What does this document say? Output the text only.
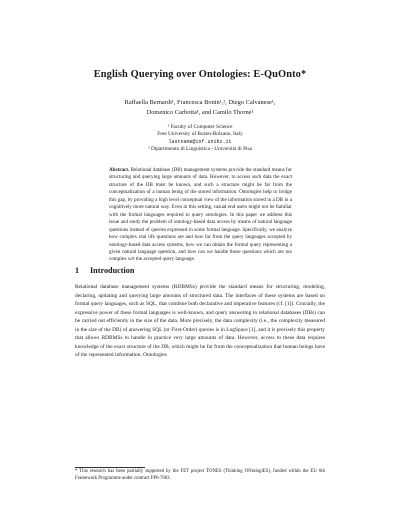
English Querying over Ontologies: E-QuOnto*
Raffaella Bernardi¹, Francesca Bonin¹,², Diego Calvanese¹,
Domenico Carbotta¹, and Camilo Thorne¹
¹ Faculty of Computer Science
Free University of Bozen-Bolzano, Italy
lastname@inf.unibz.it
² Dipartimento di Linguistica - Università di Pisa
Abstract. Relational database (DB) management systems provide the standard means for structuring and querying large amounts of data. However, to access such data the exact structure of the DB must be known, and such a structure might be far from the conceptualization of a human being of the stored information. Ontologies help to bridge this gap, by providing a high level conceptual view of the information stored in a DB in a cognitively more natural way. Even in this setting, casual end users might not be familiar with the formal languages required to query ontologies. In this paper we address this issue and study the problem of ontology-based data access by means of natural language questions instead of queries expressed in some formal language. Specifically, we analyze how complex real life questions are and how far from the query languages accepted by ontology-based data access systems, how we can obtain the formal query representing a given natural language question, and how can we handle those questions which are too complex wrt the accepted query language.
1 Introduction
Relational database management systems (RDBMSs) provide the standard means for structuring, modeling, declaring, updating and querying large amounts of structured data. The interfaces of these systems are based on formal query languages, such as SQL, that combine both declarative and imperative features (cf. [1]). Crucially, the expressive power of these formal languages is well-known, and query answering in relational databases (DBs) can be carried out efficiently in the size of the data. More precisely, the data complexity (i.e., the complexity measured in the size of the DB) of answering SQL (or First-Order) queries is in LogSpace [1], and it is precisely this property that allows RDBMSs to handle in practice very large amounts of data. However, access to these data requires knowledge of the exact structure of the DB, which might be far from the conceptualization that human beings have of the represented information. Ontologies
* This research has been partially supported by the FET project TONES (Thinking ONtologiES), funded within the EU 6th Framework Programme under contract FP6-7603.
